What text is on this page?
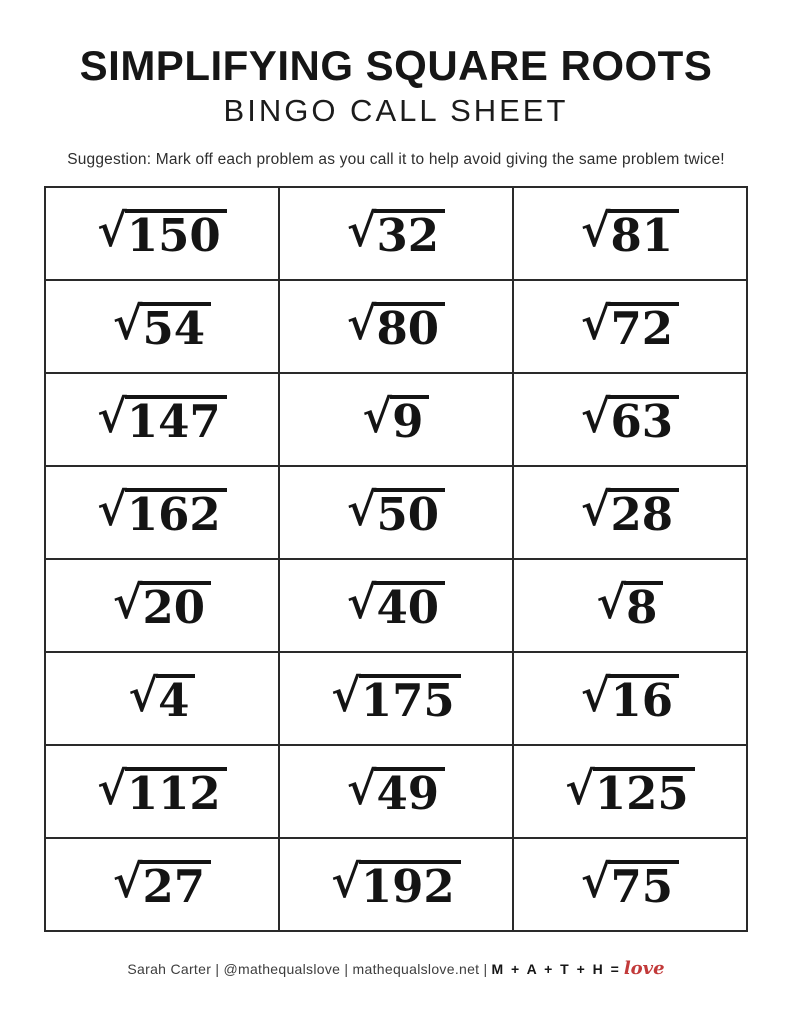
SIMPLIFYING SQUARE ROOTS
BINGO CALL SHEET

Suggestion: Mark off each problem as you call it to help avoid giving the same problem twice!

√ 150	√ 32	√ 81

√ 54	√ 80	√ 72

√ 147	√ 9	√ 63

√ 162	√ 50	√ 28

√ 20	√ 40	√ 8

√ 4	√ 175	√ 16

√ 112	√ 49	√ 125

√ 27	√ 192	√ 75

Sarah Carter | @mathequalslove | mathequalslove.net | M + A + T + H = love
